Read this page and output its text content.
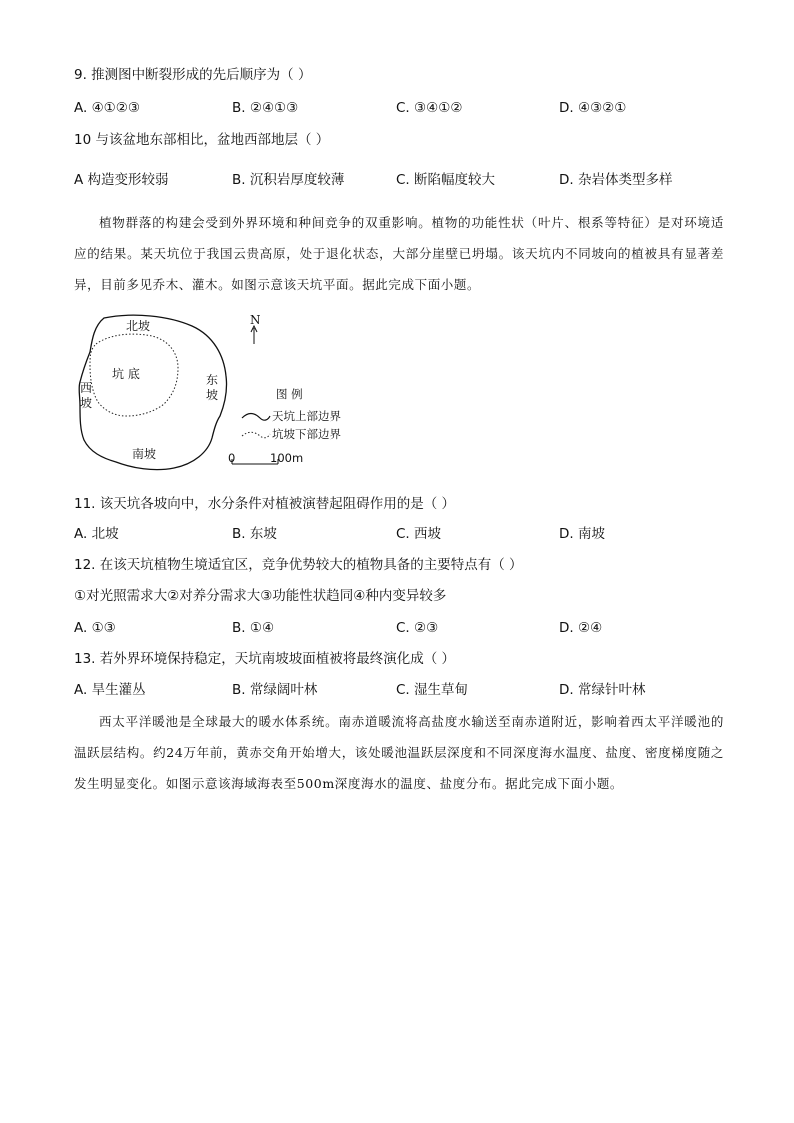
9. 推测图中断裂形成的先后顺序为（ ）
A. ④①②③	B. ②④①③	C. ③④①②	D. ④③②①
10 与该盆地东部相比，盆地西部地层（ ）
A 构造变形较弱	B. 沉积岩厚度较薄	C. 断陷幅度较大	D. 杂岩体类型多样

植物群落的构建会受到外界环境和种间竞争的双重影响。植物的功能性状（叶片、根系等特征）是对环境适应的结果。某天坑位于我国云贵高原，处于退化状态，大部分崖壁已坍塌。该天坑内不同坡向的植被具有显著差异，目前多见乔木、灌木。如图示意该天坑平面。据此完成下面小题。

北坡
坑 底	东
坡
西
坡
南坡
N
图 例
天坑上部边界
坑坡下部边界
0	100m
11. 该天坑各坡向中，水分条件对植被演替起阻碍作用的是（ ）
A. 北坡	B. 东坡	C. 西坡	D. 南坡
12. 在该天坑植物生境适宜区，竞争优势较大的植物具备的主要特点有（ ）
①对光照需求大②对养分需求大③功能性状趋同④种内变异较多
A. ①③	B. ①④	C. ②③	D. ②④
13. 若外界环境保持稳定，天坑南坡坡面植被将最终演化成（ ）
A. 旱生灌丛	B. 常绿阔叶林	C. 湿生草甸	D. 常绿针叶林

西太平洋暖池是全球最大的暖水体系统。南赤道暖流将高盐度水输送至南赤道附近，影响着西太平洋暖池的温跃层结构。约24万年前，黄赤交角开始增大，该处暖池温跃层深度和不同深度海水温度、盐度、密度梯度随之发生明显变化。如图示意该海域海表至500m深度海水的温度、盐度分布。据此完成下面小题。
